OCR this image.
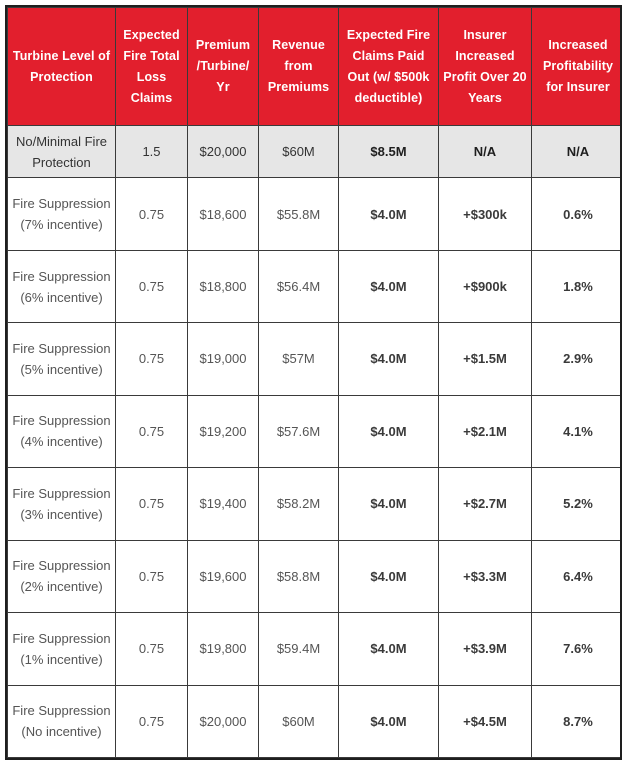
Turbine Level of Protection	Expected Fire Total Loss Claims	Premium /Turbine/ Yr	Revenue from Premiums	Expected Fire Claims Paid Out (w/ $500k deductible)	Insurer Increased Profit Over 20 Years	Increased Profitability for Insurer
No/Minimal Fire Protection	1.5	$20,000	$60M	$8.5M	N/A	N/A
Fire Suppression (7% incentive)	0.75	$18,600	$55.8M	$4.0M	+$300k	0.6%
Fire Suppression (6% incentive)	0.75	$18,800	$56.4M	$4.0M	+$900k	1.8%
Fire Suppression (5% incentive)	0.75	$19,000	$57M	$4.0M	+$1.5M	2.9%
Fire Suppression (4% incentive)	0.75	$19,200	$57.6M	$4.0M	+$2.1M	4.1%
Fire Suppression (3% incentive)	0.75	$19,400	$58.2M	$4.0M	+$2.7M	5.2%
Fire Suppression (2% incentive)	0.75	$19,600	$58.8M	$4.0M	+$3.3M	6.4%
Fire Suppression (1% incentive)	0.75	$19,800	$59.4M	$4.0M	+$3.9M	7.6%
Fire Suppression (No incentive)	0.75	$20,000	$60M	$4.0M	+$4.5M	8.7%
